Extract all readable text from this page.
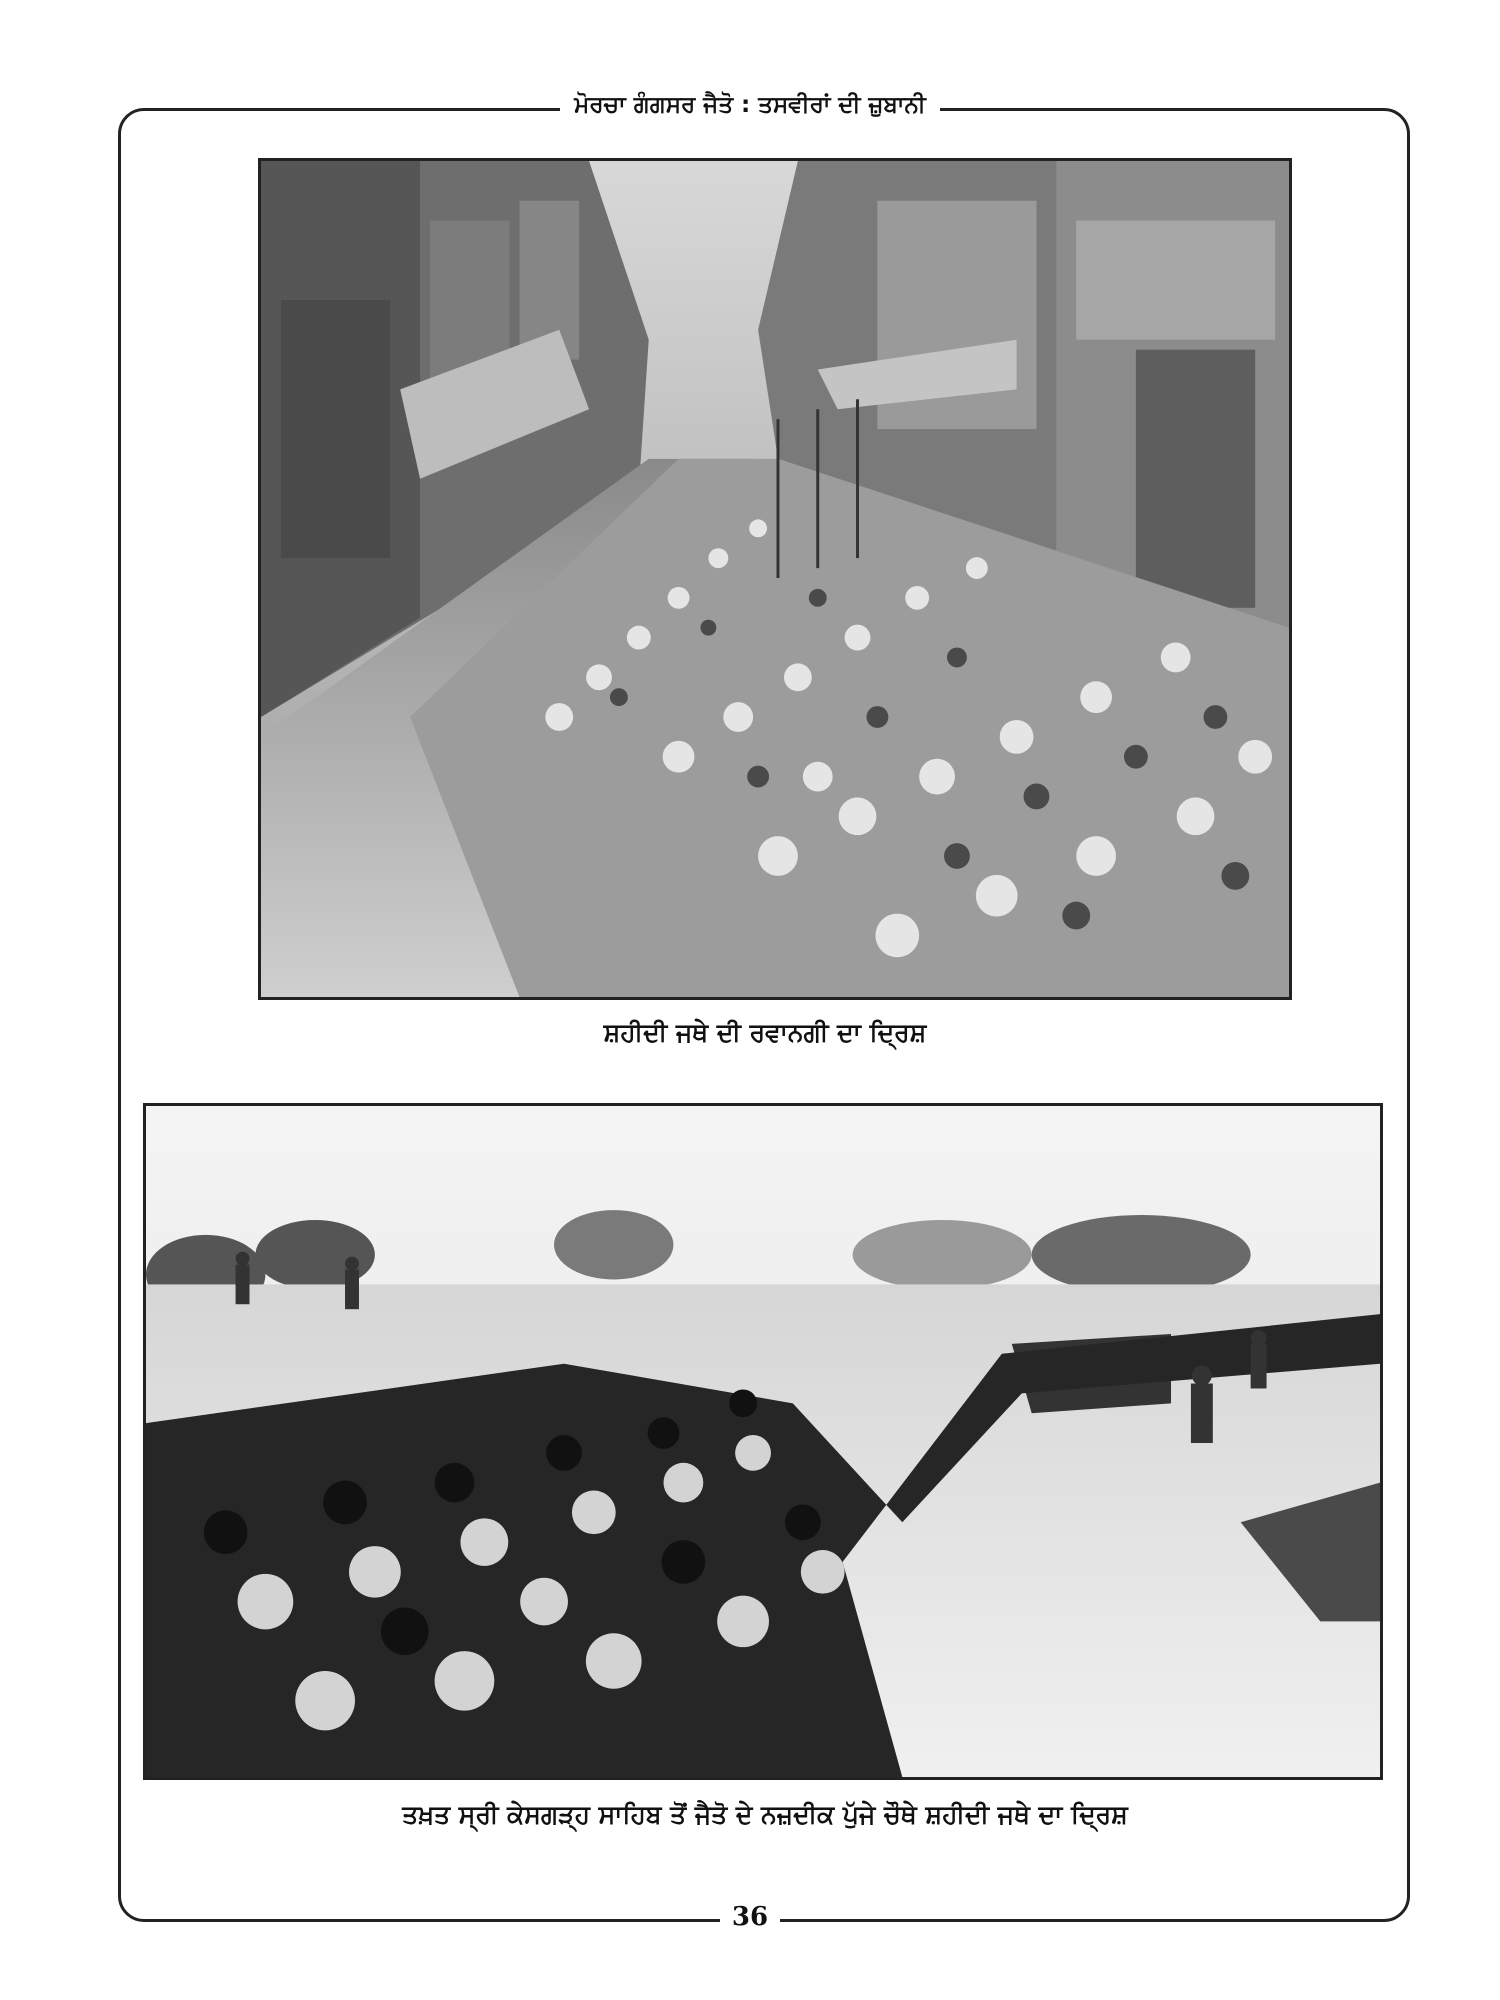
ਮੋਰਚਾ ਗੰਗਸਰ ਜੈਤੋ : ਤਸਵੀਰਾਂ ਦੀ ਜ਼ੁਬਾਨੀ
ਸ਼ਹੀਦੀ ਜਥੇ ਦੀ ਰਵਾਨਗੀ ਦਾ ਦ੍ਰਿਸ਼
ਤਖ਼ਤ ਸ੍ਰੀ ਕੇਸਗੜ੍ਹ ਸਾਹਿਬ ਤੋਂ ਜੈਤੋ ਦੇ ਨਜ਼ਦੀਕ ਪੁੱਜੇ ਚੌਥੇ ਸ਼ਹੀਦੀ ਜਥੇ ਦਾ ਦ੍ਰਿਸ਼
36
